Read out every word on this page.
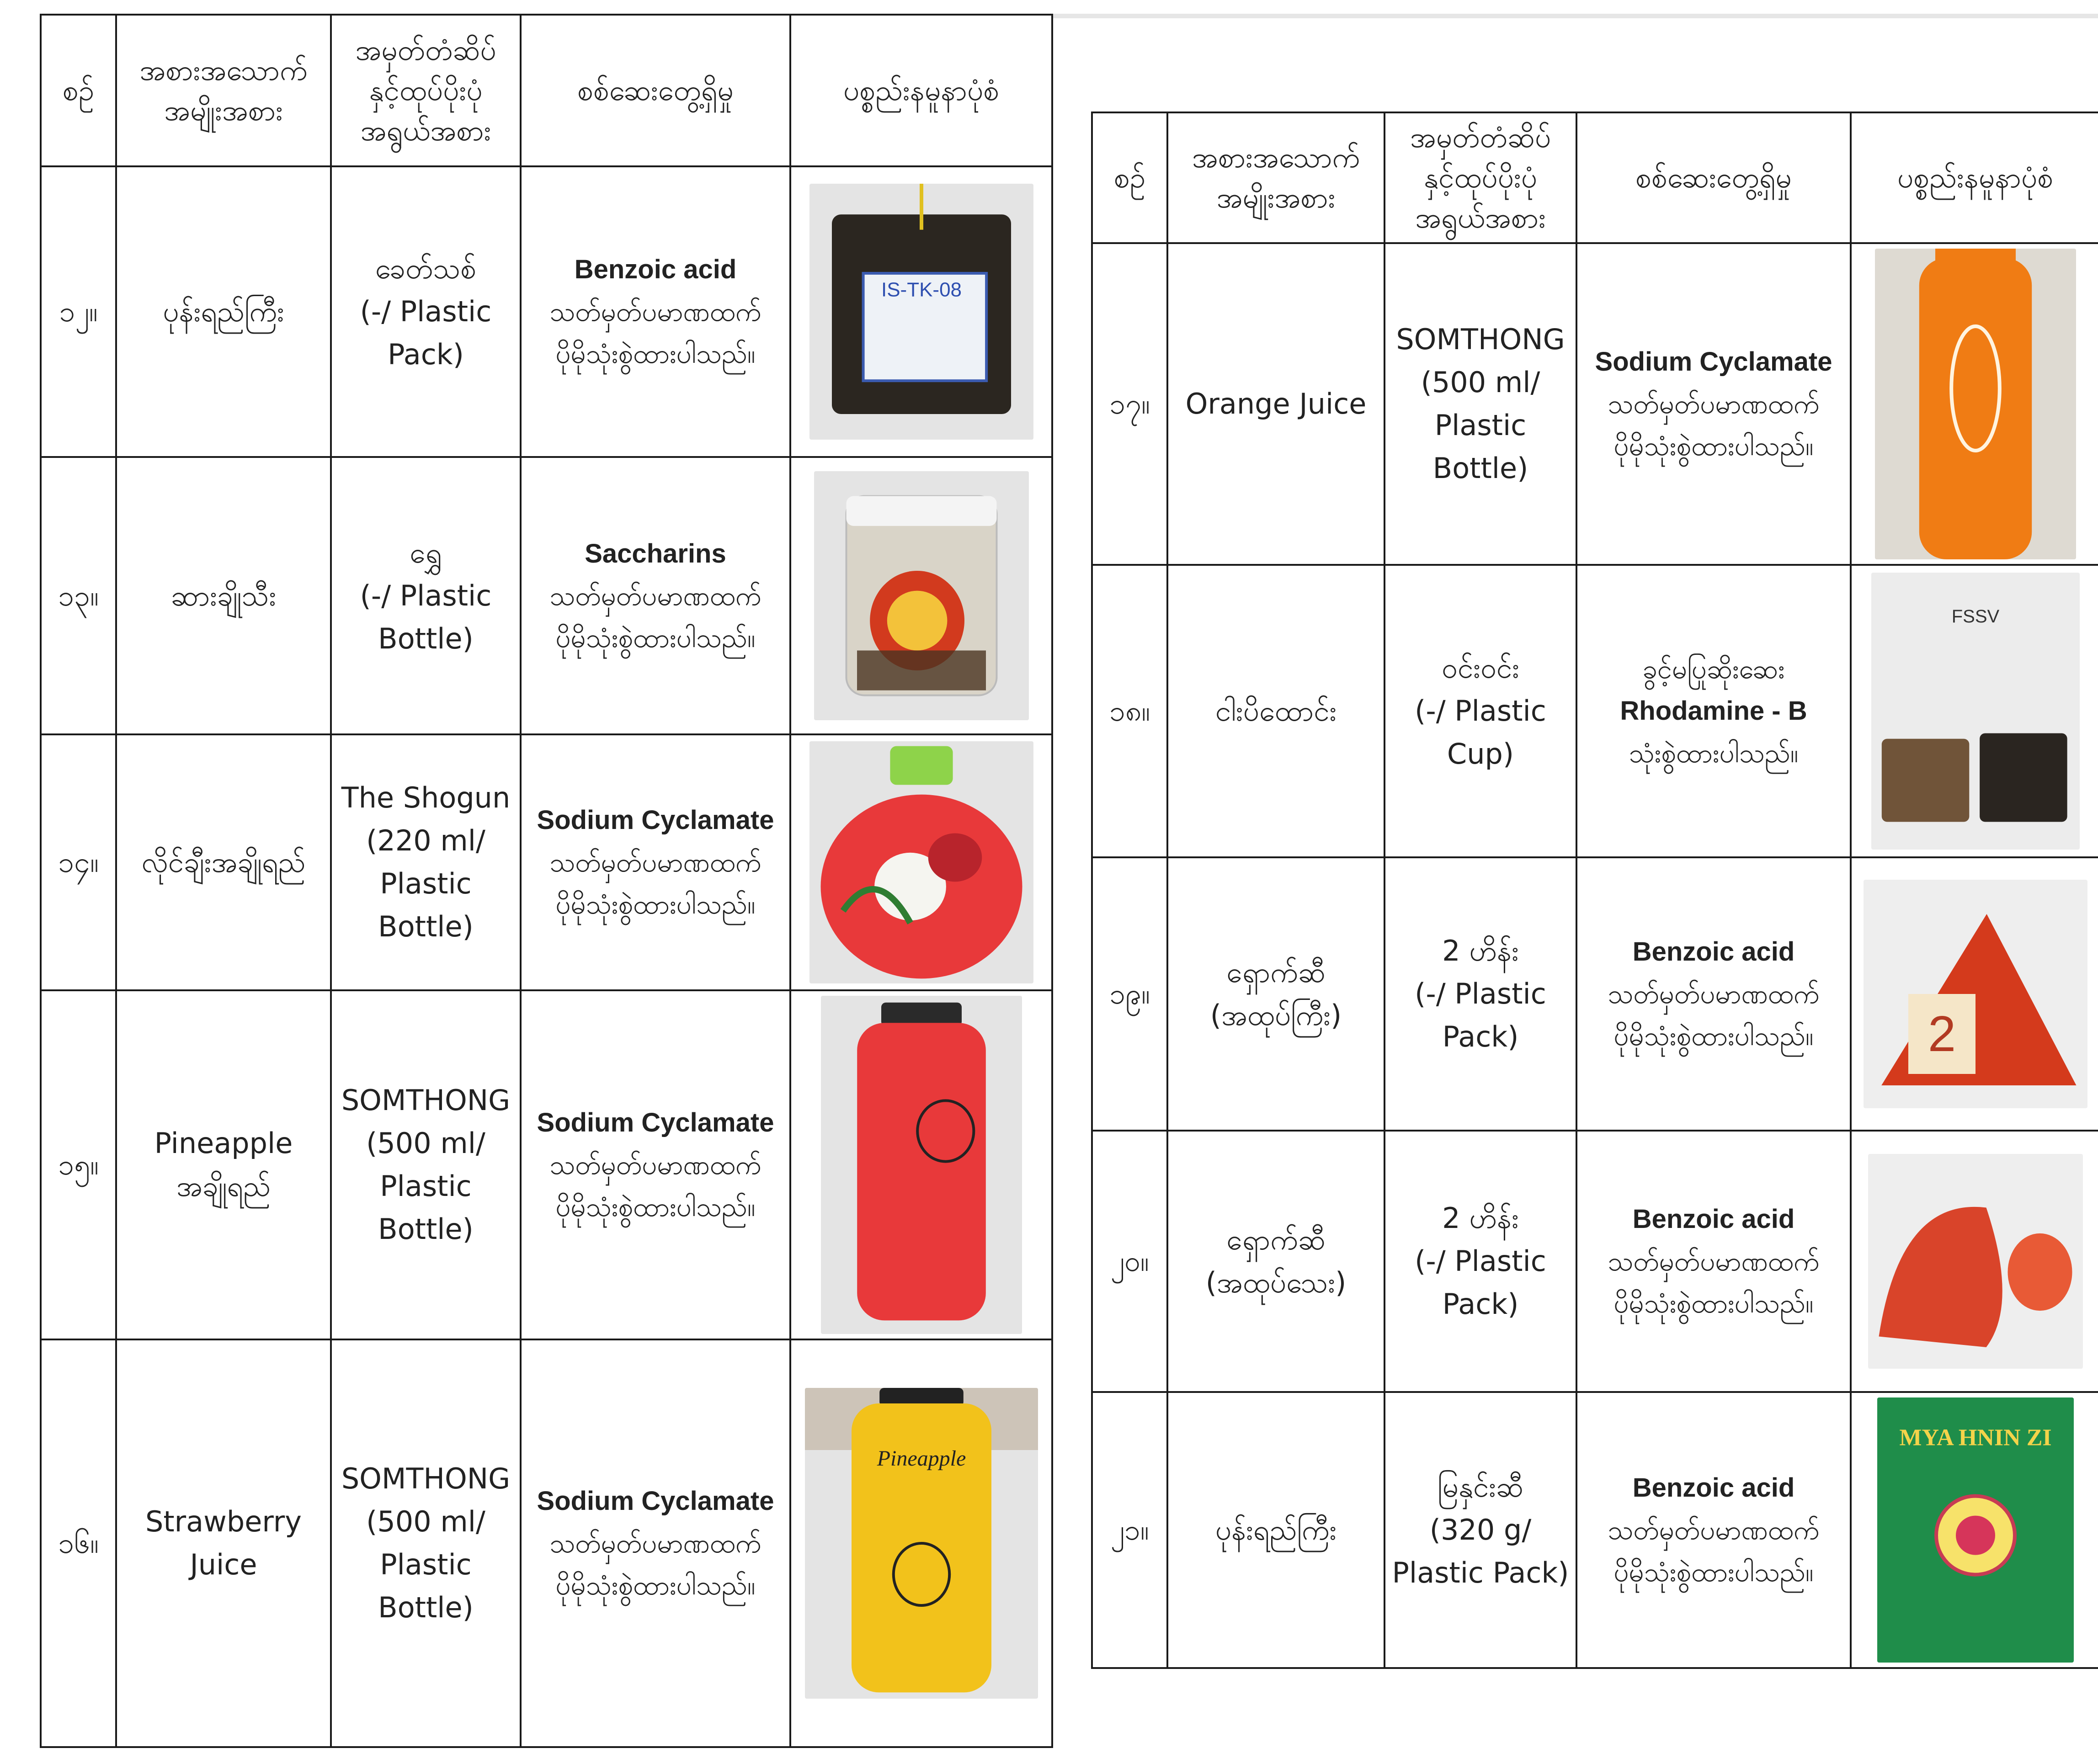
စဉ်	အစားအသောက် အမျိုးအစား	အမှတ်တံဆိပ် နှင့်ထုပ်ပိုးပုံ အရွယ်အစား	စစ်ဆေးတွေ့ရှိမှု	ပစ္စည်းနမူနာပုံစံ
၁၂။	ပုန်းရည်ကြီး	ခေတ်သစ်
(-/ Plastic
Pack)	Benzoic acid
သတ်မှတ်ပမာဏထက်
ပိုမိုသုံးစွဲထားပါသည်။	IS-TK-08

၁၃။	ဆားချိုသီး	ရွှေ
(-/ Plastic
Bottle)	Saccharins
သတ်မှတ်ပမာဏထက်
ပိုမိုသုံးစွဲထားပါသည်။

၁၄။	လိုင်ချီးအချိုရည်	The Shogun
(220 ml/
Plastic
Bottle)	Sodium Cyclamate
သတ်မှတ်ပမာဏထက်
ပိုမိုသုံးစွဲထားပါသည်။

၁၅။	Pineapple
အချိုရည်	SOMTHONG
(500 ml/
Plastic
Bottle)	Sodium Cyclamate
သတ်မှတ်ပမာဏထက်
ပိုမိုသုံးစွဲထားပါသည်။

၁၆။	Strawberry
Juice	SOMTHONG
(500 ml/
Plastic
Bottle)	Sodium Cyclamate
သတ်မှတ်ပမာဏထက်
ပိုမိုသုံးစွဲထားပါသည်။	Pineapple
စဉ်	အစားအသောက် အမျိုးအစား	အမှတ်တံဆိပ် နှင့်ထုပ်ပိုးပုံ အရွယ်အစား	စစ်ဆေးတွေ့ရှိမှု	ပစ္စည်းနမူနာပုံစံ
၁၇။	Orange Juice	SOMTHONG
(500 ml/
Plastic
Bottle)	Sodium Cyclamate
သတ်မှတ်ပမာဏထက်
ပိုမိုသုံးစွဲထားပါသည်။

၁၈။	ငါးပိထောင်း	ဝင်းဝင်း
(-/ Plastic
Cup)	ခွင့်မပြုဆိုးဆေး
Rhodamine - B
သုံးစွဲထားပါသည်။	FSSV

၁၉။	ရှောက်ဆီ
(အထုပ်ကြီး)	2 ဟိန်း
(-/ Plastic
Pack)	Benzoic acid
သတ်မှတ်ပမာဏထက်
ပိုမိုသုံးစွဲထားပါသည်။	2

၂၀။	ရှောက်ဆီ
(အထုပ်သေး)	2 ဟိန်း
(-/ Plastic
Pack)	Benzoic acid
သတ်မှတ်ပမာဏထက်
ပိုမိုသုံးစွဲထားပါသည်။

၂၁။	ပုန်းရည်ကြီး	မြနှင်းဆီ
(320 g/
Plastic Pack)	Benzoic acid
သတ်မှတ်ပမာဏထက်
ပိုမိုသုံးစွဲထားပါသည်။	MYA HNIN ZI
